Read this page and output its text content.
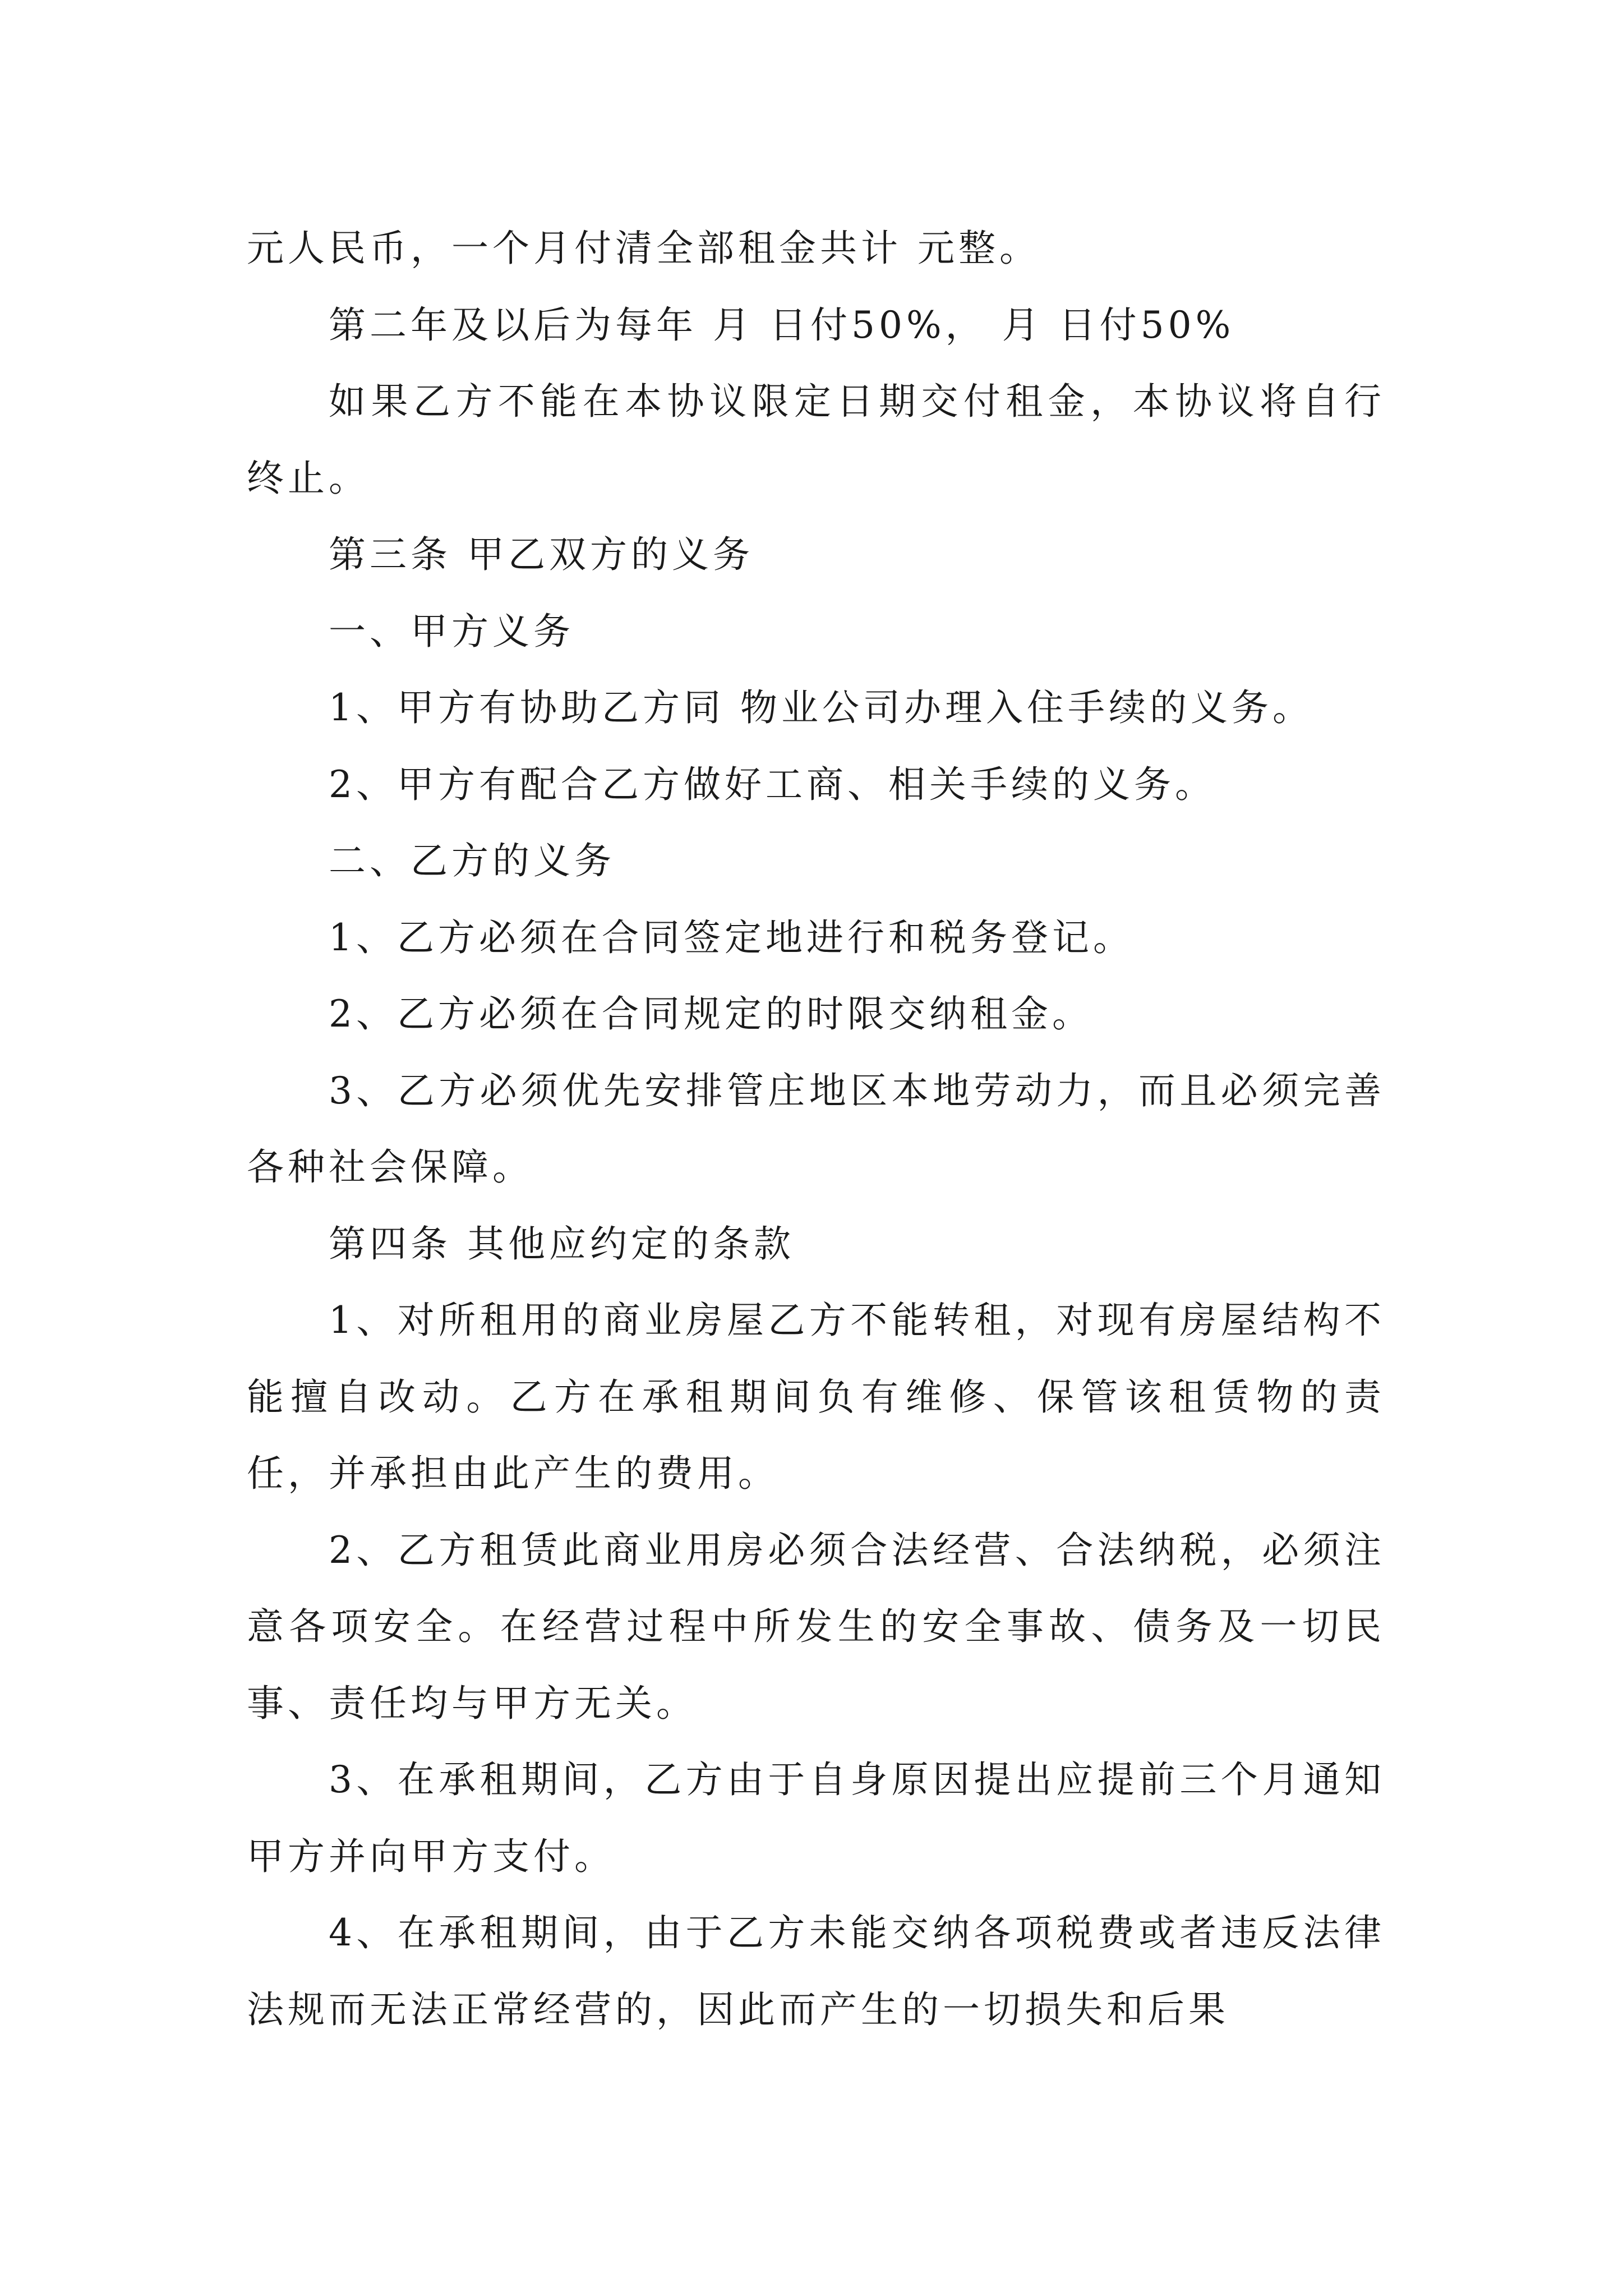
元人民币，一个月付清全部租金共计 元整。

第二年及以后为每年 月 日付50%， 月 日付50%

如果乙方不能在本协议限定日期交付租金，本协议将自行终止。

第三条 甲乙双方的义务

一、甲方义务

1、甲方有协助乙方同 物业公司办理入住手续的义务。

2、甲方有配合乙方做好工商、相关手续的义务。

二、乙方的义务

1、乙方必须在合同签定地进行和税务登记。

2、乙方必须在合同规定的时限交纳租金。

3、乙方必须优先安排管庄地区本地劳动力，而且必须完善各种社会保障。

第四条 其他应约定的条款

1、对所租用的商业房屋乙方不能转租，对现有房屋结构不能擅自改动。乙方在承租期间负有维修、保管该租赁物的责任，并承担由此产生的费用。

2、乙方租赁此商业用房必须合法经营、合法纳税，必须注意各项安全。在经营过程中所发生的安全事故、债务及一切民事、责任均与甲方无关。

3、在承租期间，乙方由于自身原因提出应提前三个月通知甲方并向甲方支付。

4、在承租期间，由于乙方未能交纳各项税费或者违反法律法规而无法正常经营的，因此而产生的一切损失和后果
